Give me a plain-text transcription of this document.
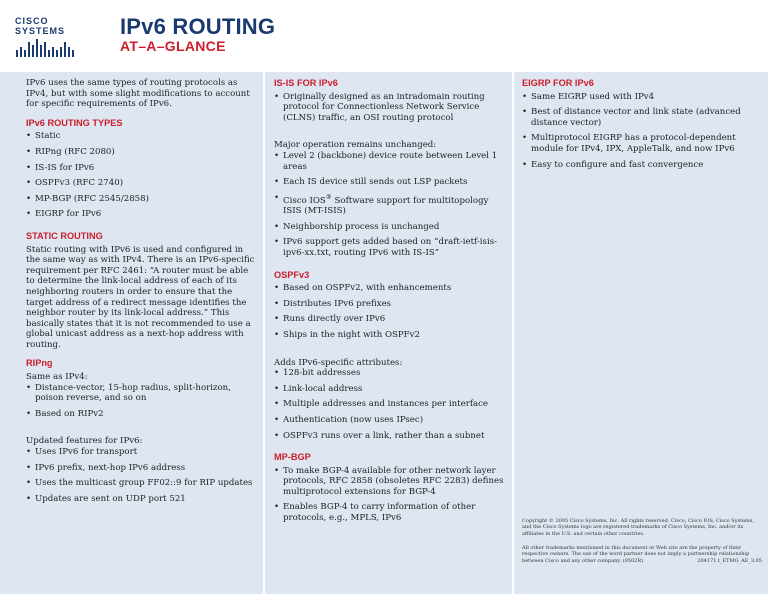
CISCO SYSTEMS	IPv6 ROUTING
AT–A–GLANCE

IPv6 uses the same types of routing protocols as IPv4, but with some slight modifications to account for specific requirements of IPv6.

IPv6 ROUTING TYPES
• Static
• RIPng (RFC 2080)
• IS-IS for IPv6
• OSPFv3 (RFC 2740)
• MP-BGP (RFC 2545/2858)
• EIGRP for IPv6
STATIC ROUTING

Static routing with IPv6 is used and configured in the same way as with IPv4. There is an IPv6-specific requirement per RFC 2461: “A router must be able to determine the link-local address of each of its neighboring routers in order to ensure that the target address of a redirect message identifies the neighbor router by its link-local address.” This basically states that it is not recommended to use a global unicast address as a next-hop address with routing.

RIPng
Same as IPv4:
• Distance-vector, 15-hop radius, split-horizon, poison reverse, and so on
• Based on RIPv2
Updated features for IPv6:
• Uses IPv6 for transport
• IPv6 prefix, next-hop IPv6 address
• Uses the multicast group FF02::9 for RIP updates
• Updates are sent on UDP port 521
IS-IS FOR IPv6
• Originally designed as an intradomain routing protocol for Connectionless Network Service (CLNS) traffic, an OSI routing protocol
Major operation remains unchanged:
• Level 2 (backbone) device route between Level 1 areas
• Each IS device still sends out LSP packets
• Cisco IOS® Software support for multitopology ISIS (MT-ISIS)
• Neighborship process is unchanged
• IPv6 support gets added based on “draft-ietf-isis-ipv6-xx.txt, routing IPv6 with IS-IS”
OSPFv3
• Based on OSPFv2, with enhancements
• Distributes IPv6 prefixes
• Runs directly over IPv6
• Ships in the night with OSPFv2
Adds IPv6-specific attributes:
• 128-bit addresses
• Link-local address
• Multiple addresses and instances per interface
• Authentication (now uses IPsec)
• OSPFv3 runs over a link, rather than a subnet
MP-BGP
• To make BGP-4 available for other network layer protocols, RFC 2858 (obsoletes RFC 2283) defines multiprotocol extensions for BGP-4
• Enables BGP-4 to carry information of other protocols, e.g., MPLS, IPv6
EIGRP FOR IPv6
• Same EIGRP used with IPv4
• Best of distance vector and link state (advanced distance vector)
• Multiprotocol EIGRP has a protocol-dependent module for IPv4, IPX, AppleTalk, and now IPv6
• Easy to configure and fast convergence
Copyright © 2005 Cisco Systems, Inc. All rights reserved. Cisco, Cisco IOS, Cisco Systems, and the Cisco Systems logo are registered trademarks of Cisco Systems, Inc. and/or its affiliates in the U.S. and certain other countries.
All other trademarks mentioned in this document or Web site are the property of their respective owners. The use of the word partner does not imply a partnership relationship between Cisco and any other company. (0502R)	204171.t_ETMG_AE_3.05
